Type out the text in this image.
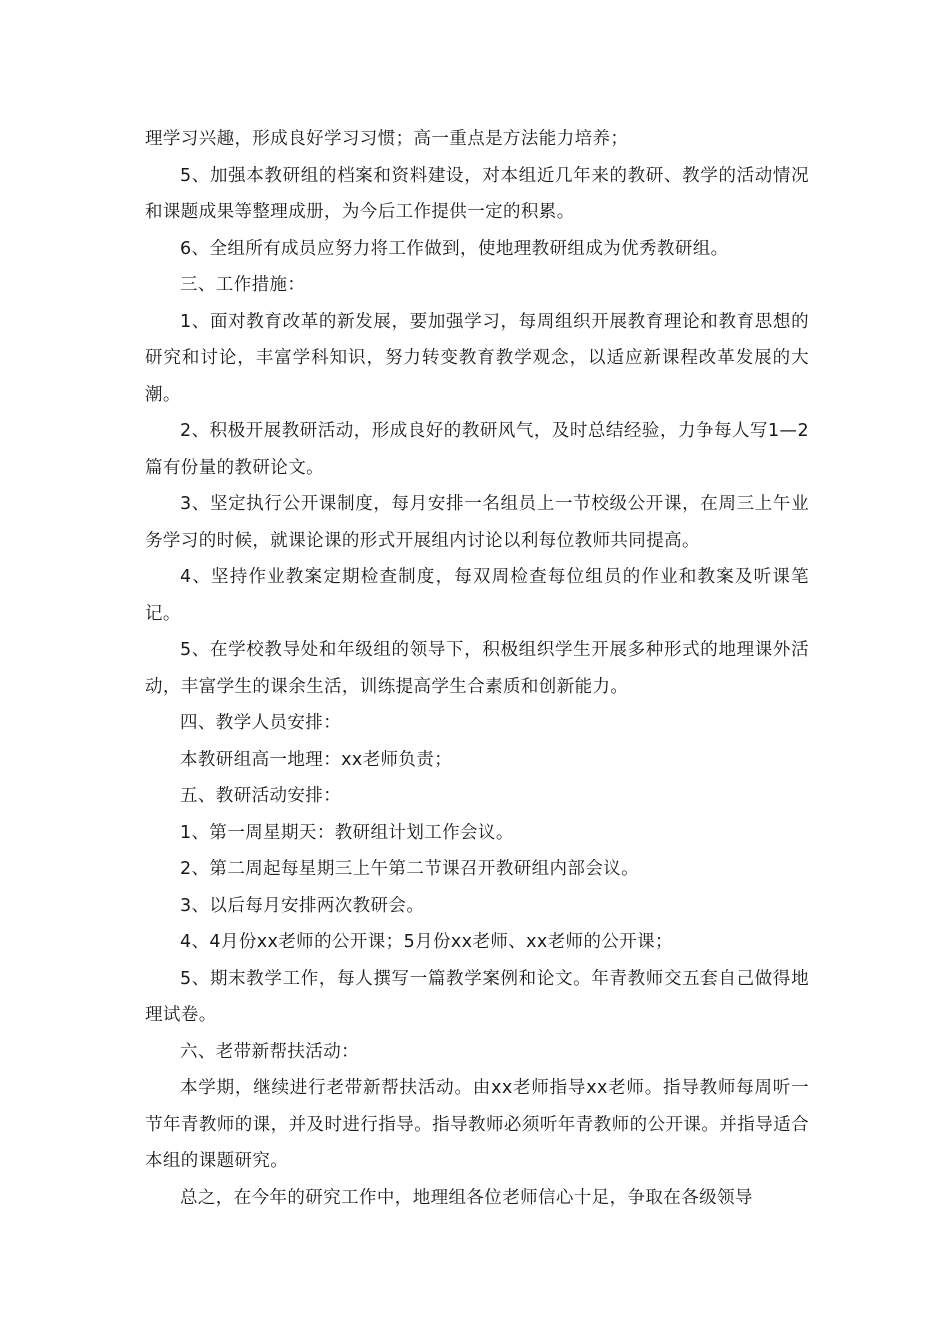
理学习兴趣，形成良好学习习惯；高一重点是方法能力培养；

5、加强本教研组的档案和资料建设，对本组近几年来的教研、教学的活动情况和课题成果等整理成册，为今后工作提供一定的积累。

6、全组所有成员应努力将工作做到，使地理教研组成为优秀教研组。

三、工作措施：

1、面对教育改革的新发展，要加强学习，每周组织开展教育理论和教育思想的研究和讨论，丰富学科知识，努力转变教育教学观念，以适应新课程改革发展的大潮。

2、积极开展教研活动，形成良好的教研风气，及时总结经验，力争每人写1—2篇有份量的教研论文。

3、坚定执行公开课制度，每月安排一名组员上一节校级公开课，在周三上午业务学习的时候，就课论课的形式开展组内讨论以利每位教师共同提高。

4、坚持作业教案定期检查制度，每双周检查每位组员的作业和教案及听课笔记。

5、在学校教导处和年级组的领导下，积极组织学生开展多种形式的地理课外活动，丰富学生的课余生活，训练提高学生合素质和创新能力。

四、教学人员安排：

本教研组高一地理：xx老师负责；

五、教研活动安排：

1、第一周星期天：教研组计划工作会议。

2、第二周起每星期三上午第二节课召开教研组内部会议。

3、以后每月安排两次教研会。

4、4月份xx老师的公开课；5月份xx老师、xx老师的公开课；

5、期末教学工作，每人撰写一篇教学案例和论文。年青教师交五套自己做得地理试卷。

六、老带新帮扶活动：

本学期，继续进行老带新帮扶活动。由xx老师指导xx老师。指导教师每周听一节年青教师的课，并及时进行指导。指导教师必须听年青教师的公开课。并指导适合本组的课题研究。

总之，在今年的研究工作中，地理组各位老师信心十足，争取在各级领导
